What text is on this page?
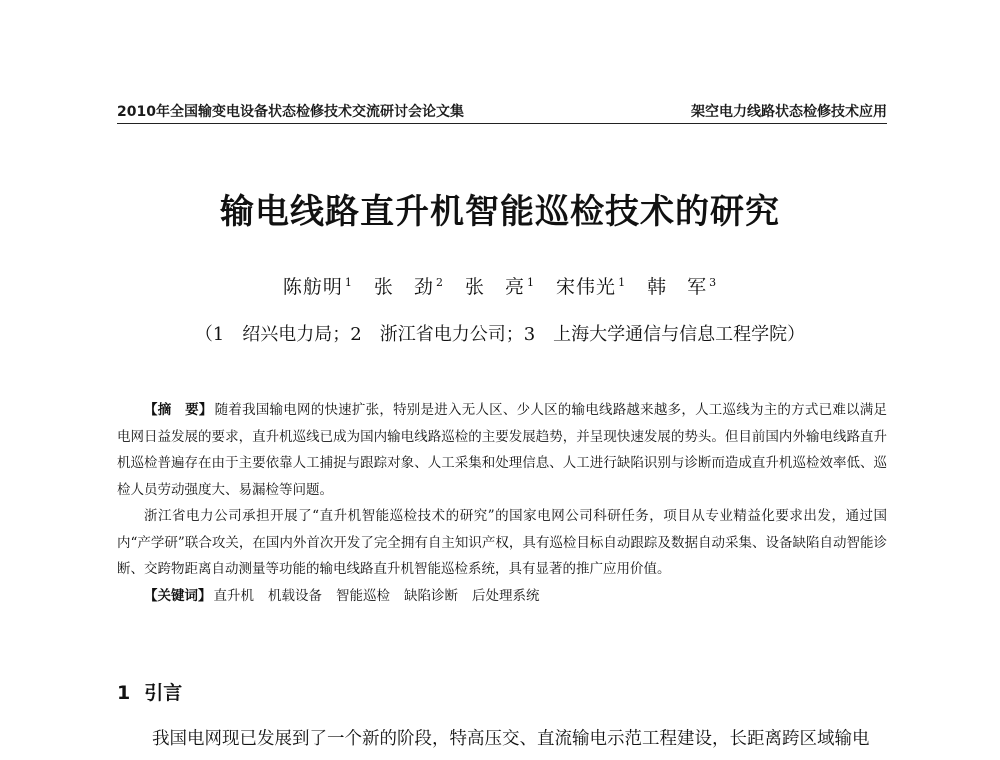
2010年全国输变电设备状态检修技术交流研讨会论文集	架空电力线路状态检修技术应用
输电线路直升机智能巡检技术的研究
陈舫明 $^1$ 张　劲 $^2$ 张　亮 $^1$ 宋伟光 $^1$ 韩　军 $^3$
（1　绍兴电力局；2　浙江省电力公司；3　上海大学通信与信息工程学院）

【摘　要】 随着我国输电网的快速扩张，特别是进入无人区、少人区的输电线路越来越多，人工巡线为主的方式已难以满足电网日益发展的要求，直升机巡线已成为国内输电线路巡检的主要发展趋势，并呈现快速发展的势头。但目前国内外输电线路直升机巡检普遍存在由于主要依靠人工捕捉与跟踪对象、人工采集和处理信息、人工进行缺陷识别与诊断而造成直升机巡检效率低、巡检人员劳动强度大、易漏检等问题。

浙江省电力公司承担开展了“直升机智能巡检技术的研究”的国家电网公司科研任务，项目从专业精益化要求出发，通过国内“产学研”联合攻关，在国内外首次开发了完全拥有自主知识产权，具有巡检目标自动跟踪及数据自动采集、设备缺陷自动智能诊断、交跨物距离自动测量等功能的输电线路直升机智能巡检系统，具有显著的推广应用价值。

【关键词】 直升机 机载设备 智能巡检 缺陷诊断 后处理系统

1 引言
我国电网现已发展到了一个新的阶段，特高压交、直流输电示范工程建设，长距离跨区域输电
